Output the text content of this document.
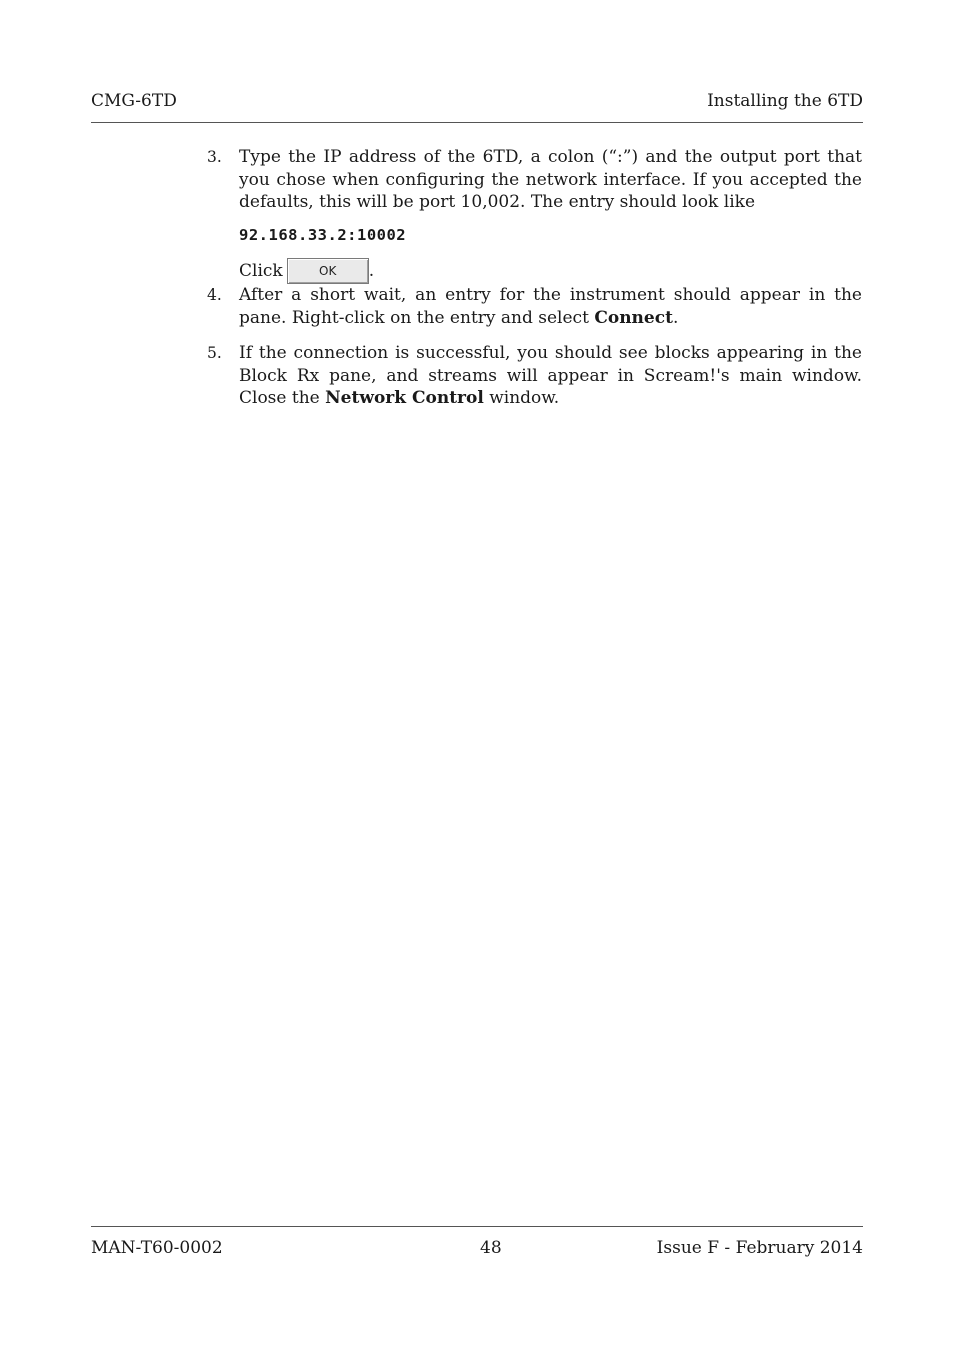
CMG-6TD	Installing the 6TD
3.	Type the IP address of the 6TD, a colon (“:”) and the output port that you chose when configuring the network interface. If you accepted the defaults, this will be port 10,002. The entry should look like
92.168.33.2:10002
Click	OK	.
4.	After a short wait, an entry for the instrument should appear in the pane. Right-click on the entry and select Connect.
5.	If the connection is successful, you should see blocks appearing in the Block Rx pane, and streams will appear in Scream!'s main window. Close the Network Control window.
MAN-T60-0002	48	Issue F - February 2014
